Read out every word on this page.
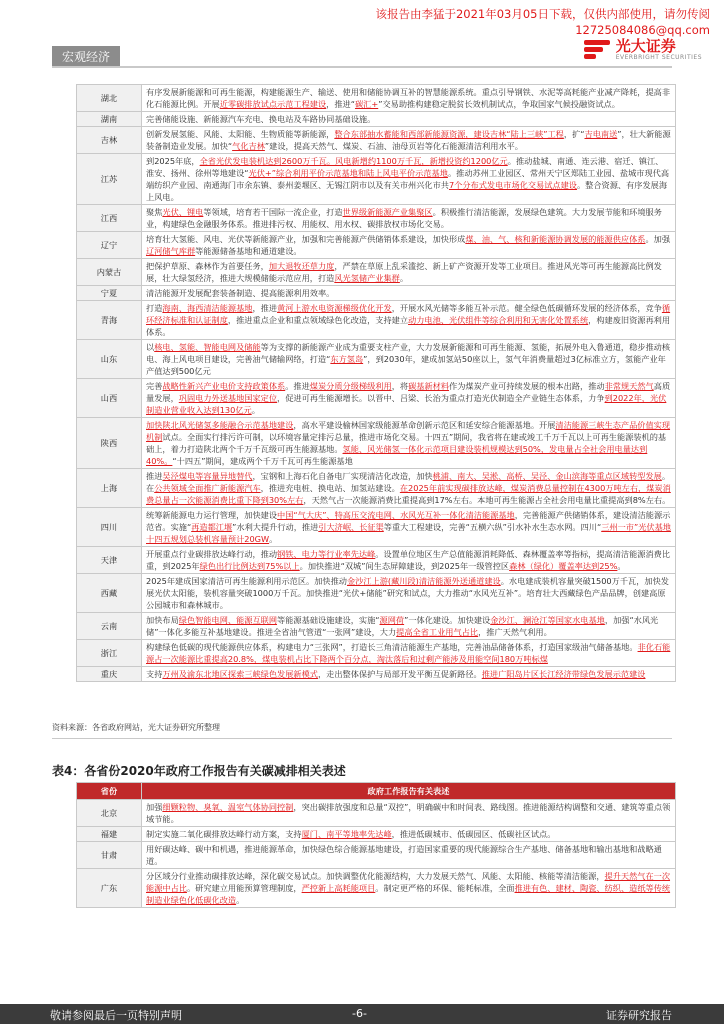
该报告由李猛于2021年03月05日下载，仅供内部使用，请勿传阅
12725084086@qq.com
光大证券
EVERBRIGHT SECURITIES
宏观经济
湖北	有序发展新能源和可再生能源，构建能源生产、输送、使用和储能协调互补的智慧能源系统。重点引导钢铁、水泥等高耗能产业减产降耗，提高非化石能源比例。开展近零碳排放试点示范工程建设，推进“碳汇+”交易助推构建稳定脱贫长效机制试点，争取国家气候投融资试点。
湖南	完善储能设施、新能源汽车充电、换电站及车路协同基础设施。
吉林	创新发展氢能、风能、太阳能、生物质能等新能源，整合东部抽水蓄能和西部新能源资源，建设吉林“陆上三峡”工程，扩“吉电南送”，壮大新能源装备制造业发展。加快“气化吉林”建设，提高天然气、煤炭、石油、油母页岩等化石能源清洁利用水平。
江苏	到2025年底，全省光伏发电装机达到2600万千瓦。风电新增约1100万千瓦，新增投资约1200亿元。推动盐城、南通、连云港、宿迁、镇江、淮安、扬州、徐州等地建设“光伏+”综合利用平价示范基地和陆上风电平价示范基地。推动苏州工业园区、常州天宁区郑陆工业园、盐城市现代高端纺织产业园、南通海门市余东镇、泰州姜堰区、无锡江阴市以及有关市州兴化市共7个分布式发电市场化交易试点建设。整合资源、有序发展海上风电。
江西	聚焦光伏、锂电等领域，培育若干国际一流企业，打造世界级新能源产业集聚区。积极推行清洁能源，发展绿色建筑。大力发展节能和环境服务业，构建绿色金融服务体系。推进排污权、用能权、用水权、碳排放权市场化交易。
辽宁	培育壮大氢能、风电、光伏等新能源产业，加强和完善能源产供储销体系建设，加快形成煤、油、气、核和新能源协调发展的能源供应体系。加强辽河储气库群等能源储备基地和通道建设。
内蒙古	把保护草原、森林作为首要任务，加大退牧还草力度，严禁在草原上乱采滥挖、新上矿产资源开发等工业项目。推进风光等可再生能源高比例发展，壮大绿氢经济，推进大规模储能示范应用，打造风光氢储产业集群。
宁夏	清洁能源开发展配套装备制造、提高能源利用效率。
青海	打造海南、海西清洁能源基地，推进黄河上游水电资源梯级优化开发，开展水风光储等多能互补示范。健全绿色低碳循环发展的经济体系，竞争循环经济标准和认证制度，推进重点企业和重点领域绿色化改造，支持建立动力电池、光伏组件等综合利用和无害化处置系统，构建废旧资源再利用体系。
山东	以核电、氢能、智能电网及储能等为支撑的新能源产业成为重要支柱产业，大力发展新能源和可再生能源、氢能，拓展外电入鲁通道，稳步推动核电、海上风电项目建设，完善油气储输网络，打造“东方氢岛”，到2030年，建成加氢站50座以上，氢气年消费量超过3亿标准立方，氢能产业年产值达到500亿元
山西	完善战略性新兴产业电价支持政策体系。推进煤炭分质分级梯级利用，将碳基新材料作为煤炭产业可持续发展的根本出路，推动非常规天然气高质量发展，巩固电力外送基地国家定位，促进可再生能源增长。以晋中、吕梁、长治为重点打造光伏制造全产业链生态体系，力争到2022年，光伏制造业营业收入达到130亿元。
陕西	加快陕北风光储氢多能融合示范基地建设，高水平建设榆林国家级能源革命创新示范区和延安综合能源基地。开展清洁能源三峡生态产品价值实现机制试点。全面实行排污许可制，以环境容量定排污总量，推进市场化交易。十四五”期间，我省将在建或竣工千万千瓦以上可再生能源装机的基础上，着力打造陕北两个千万千瓦级可再生能源基地。氢能、风光储氢一体化示范项目建设装机规模达到50%，发电量占全社会用电量达到40%。“十四五”期间，建成两个千万千瓦可再生能源基地
上海	推进吴泾煤电等容量异地替代，宝钢和上海石化自备电厂实现清洁化改造，加快桃浦、南大、吴淞、高桥、吴泾、金山滨海等重点区域转型发展。在公共领域全面推广新能源汽车，推进充电桩、换电站、加氢站建设。在2025年前实现碳排放达峰，煤炭消费总量控制在4300万吨左右，煤炭消费总量占一次能源消费比重下降到30%左右，天然气占一次能源消费比重提高到17%左右。本地可再生能源占全社会用电量比重提高到8%左右。
四川	统筹新能源电力运行管理，加快建设中国“气大庆”、特高压交流电网、水风光互补一体化清洁能源基地，完善能源产供储销体系，建设清洁能源示范省。实施“再造都江堰”水利大提升行动，推进引大济岷、长征渠等重大工程建设，完善“五横六纵”引水补水生态水网。四川“三州一市”光伏基地十四五规划总装机容量预计20GW。
天津	开展重点行业碳排放达峰行动，推动钢铁、电力等行业率先达峰。设置单位地区生产总值能源消耗降低、森林覆盖率等指标，提高清洁能源消费比重，到2025年绿色出行比例达到75%以上。加快推进“双城”间生态屏障建设，到2025年一级管控区森林（绿化）覆盖率达到25%。
西藏	2025年建成国家清洁可再生能源利用示范区。加快推动金沙江上游(藏川段)清洁能源外送通道建设。水电建成装机容量突破1500万千瓦，加快发展光伏太阳能，装机容量突破1000万千瓦。加快推进“光伏+储能”研究和试点，大力推动“水风光互补”。培育壮大西藏绿色产品品牌，创建高原公园城市和森林城市。
云南	加快布局绿色智能电网、能源互联网等能源基础设施建设，实施“源网荷”一体化建设。加快建设金沙江、澜沧江等国家水电基地，加强“水风光储”一体化多能互补基地建设。推进全省油气管道“一张网”建设，大力提高全省工业用气占比，推广天然气利用。
浙江	构建绿色低碳的现代能源供应体系，构建电力“三张网”，打造长三角清洁能源生产基地，完善油品储备体系，打造国家级油气储备基地。非化石能源占一次能源比重提高20.8%，煤电装机占比下降两个百分点，淘汰落后和过剩产能涉及用能空间180万吨标煤
重庆	支持万州及渝东北地区探索三峡绿色发展新模式，走出整体保护与局部开发平衡互促新路径。推进广阳岛片区长江经济带绿色发展示范建设
资料来源：各省政府网站，光大证券研究所整理
表4：各省份2020年政府工作报告有关碳减排相关表述
省份	政府工作报告有关表述
北京	加强细颗粒物、臭氧、温室气体协同控制，突出碳排放强度和总量“双控”，明确碳中和时间表、路线图。推进能源结构调整和交通、建筑等重点领域节能。
福建	制定实施二氧化碳排放达峰行动方案，支持厦门、南平等地率先达峰，推进低碳城市、低碳园区、低碳社区试点。
甘肃	用好碳达峰、碳中和机遇，推进能源革命，加快绿色综合能源基地建设，打造国家重要的现代能源综合生产基地、储备基地和输出基地和战略通道。
广东	分区域分行业推动碳排放达峰，深化碳交易试点。加快调整优化能源结构，大力发展天然气、风能、太阳能、核能等清洁能源，提升天然气在一次能源中占比。研究建立用能预算管理制度，严控新上高耗能项目。制定更严格的环保、能耗标准，全面推进有色、建材、陶瓷、纺织、造纸等传统制造业绿色化低碳化改造。
敬请参阅最后一页特别声明	-6-	证券研究报告
